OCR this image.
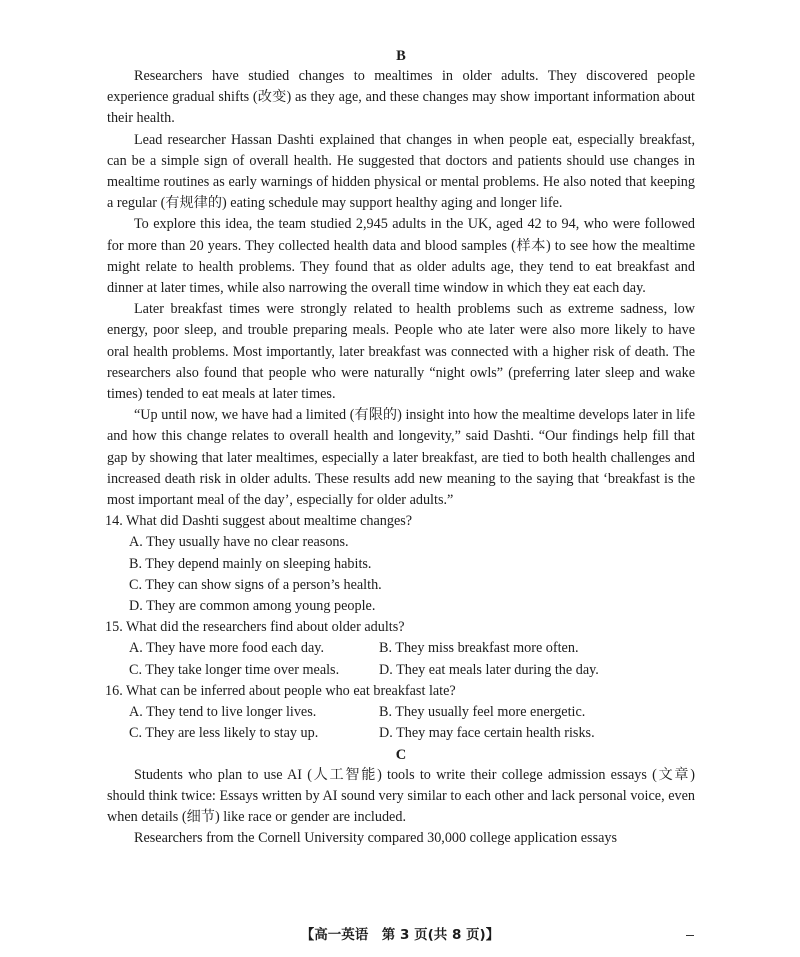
B

Researchers have studied changes to mealtimes in older adults. They discovered people experience gradual shifts (改变) as they age, and these changes may show important information about their health.

Lead researcher Hassan Dashti explained that changes in when people eat, especially breakfast, can be a simple sign of overall health. He suggested that doctors and patients should use changes in mealtime routines as early warnings of hidden physical or mental problems. He also noted that keeping a regular (有规律的) eating schedule may support healthy aging and longer life.

To explore this idea, the team studied 2,945 adults in the UK, aged 42 to 94, who were followed for more than 20 years. They collected health data and blood samples (样本) to see how the mealtime might relate to health problems. They found that as older adults age, they tend to eat breakfast and dinner at later times, while also narrowing the overall time window in which they eat each day.

Later breakfast times were strongly related to health problems such as extreme sadness, low energy, poor sleep, and trouble preparing meals. People who ate later were also more likely to have oral health problems. Most importantly, later breakfast was connected with a higher risk of death. The researchers also found that people who were naturally “night owls” (preferring later sleep and wake times) tended to eat meals at later times.

“Up until now, we have had a limited (有限的) insight into how the mealtime develops later in life and how this change relates to overall health and longevity,” said Dashti. “Our findings help fill that gap by showing that later mealtimes, especially a later breakfast, are tied to both health challenges and increased death risk in older adults. These results add new meaning to the saying that ‘breakfast is the most important meal of the day’, especially for older adults.”

14. What did Dashti suggest about mealtime changes?

A. They usually have no clear reasons.
B. They depend mainly on sleeping habits.
C. They can show signs of a person’s health.
D. They are common among young people.

15. What did the researchers find about older adults?

A. They have more food each day.	B. They miss breakfast more often.
C. They take longer time over meals.	D. They eat meals later during the day.

16. What can be inferred about people who eat breakfast late?

A. They tend to live longer lives.	B. They usually feel more energetic.
C. They are less likely to stay up.	D. They may face certain health risks.
C

Students who plan to use AI (人工智能) tools to write their college admission essays (文章) should think twice: Essays written by AI sound very similar to each other and lack personal voice, even when details (细节) like race or gender are included.

Researchers from the Cornell University compared 30,000 college application essays

【高一英语　第 3 页(共 8 页)】
